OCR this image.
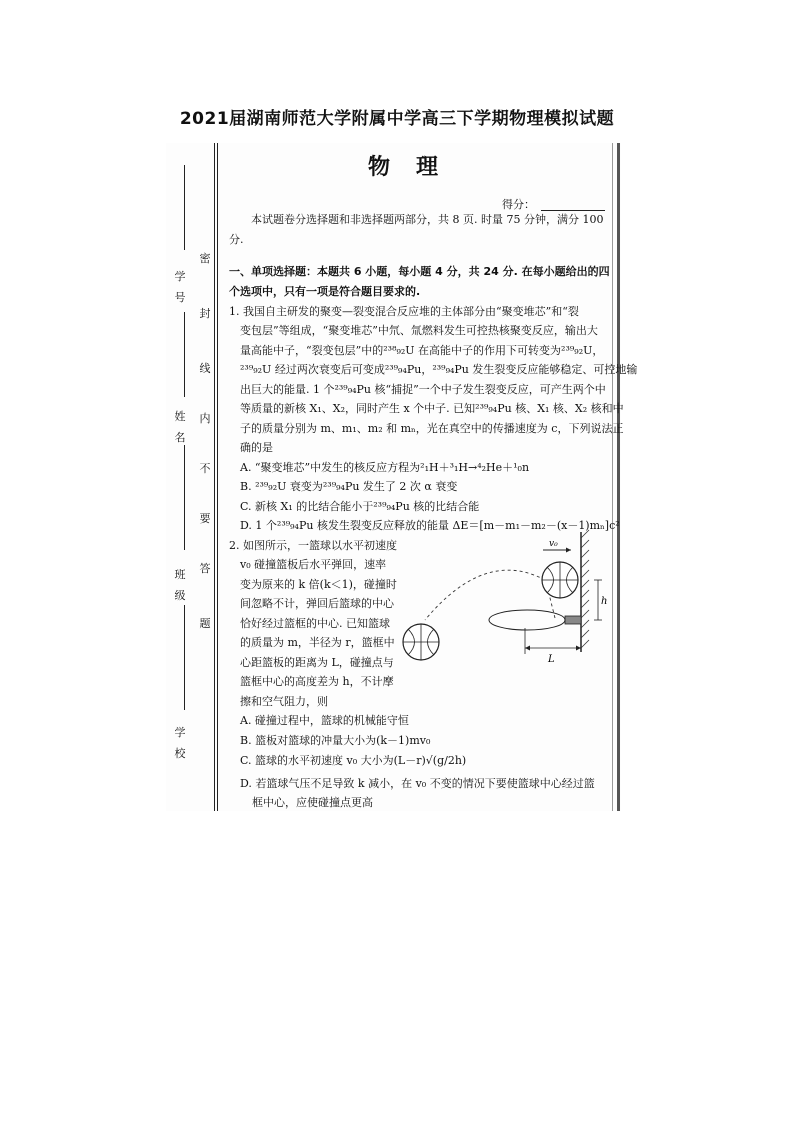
2021届湖南师范大学附属中学高三下学期物理模拟试题
学
号
姓
名
班
级
学
校
密
封
线
内
不
要
答
题
物理
得分：
本试题卷分选择题和非选择题两部分，共 8 页. 时量 75 分钟，满分 100 分.
一、单项选择题：本题共 6 小题，每小题 4 分，共 24 分. 在每小题给出的四个选项中，只有一项是符合题目要求的.
1. 我国自主研发的聚变—裂变混合反应堆的主体部分由“聚变堆芯”和“裂
变包层”等组成，“聚变堆芯”中氘、氚燃料发生可控热核聚变反应，输出大
量高能中子，“裂变包层”中的²³⁸₉₂U 在高能中子的作用下可转变为²³⁹₉₂U，
²³⁹₉₂U 经过两次衰变后可变成²³⁹₉₄Pu，²³⁹₉₄Pu 发生裂变反应能够稳定、可控地输
出巨大的能量. 1 个²³⁹₉₄Pu 核“捕捉”一个中子发生裂变反应，可产生两个中
等质量的新核 X₁、X₂，同时产生 x 个中子. 已知²³⁹₉₄Pu 核、X₁ 核、X₂ 核和中
子的质量分别为 m、m₁、m₂ 和 mₙ，光在真空中的传播速度为 c，下列说法正
确的是
A. “聚变堆芯”中发生的核反应方程为²₁H＋³₁H→⁴₂He＋¹₀n
B. ²³⁹₉₂U 衰变为²³⁹₉₄Pu 发生了 2 次 α 衰变
C. 新核 X₁ 的比结合能小于²³⁹₉₄Pu 核的比结合能
D. 1 个²³⁹₉₄Pu 核发生裂变反应释放的能量 ΔE＝[m－m₁－m₂－(x－1)mₙ]c²
2. 如图所示，一篮球以水平初速度
v₀ 碰撞篮板后水平弹回，速率
变为原来的 k 倍(k＜1)，碰撞时
间忽略不计，弹回后篮球的中心
恰好经过篮框的中心. 已知篮球
的质量为 m，半径为 r，篮框中
心距篮板的距离为 L，碰撞点与
篮框中心的高度差为 h，不计摩
擦和空气阻力，则
A. 碰撞过程中，篮球的机械能守恒
B. 篮板对篮球的冲量大小为(k－1)mv₀
C. 篮球的水平初速度 v₀ 大小为(L－r)√(g/2h)
D. 若篮球气压不足导致 k 减小，在 v₀ 不变的情况下要使篮球中心经过篮
框中心，应使碰撞点更高
v₀
h
L
